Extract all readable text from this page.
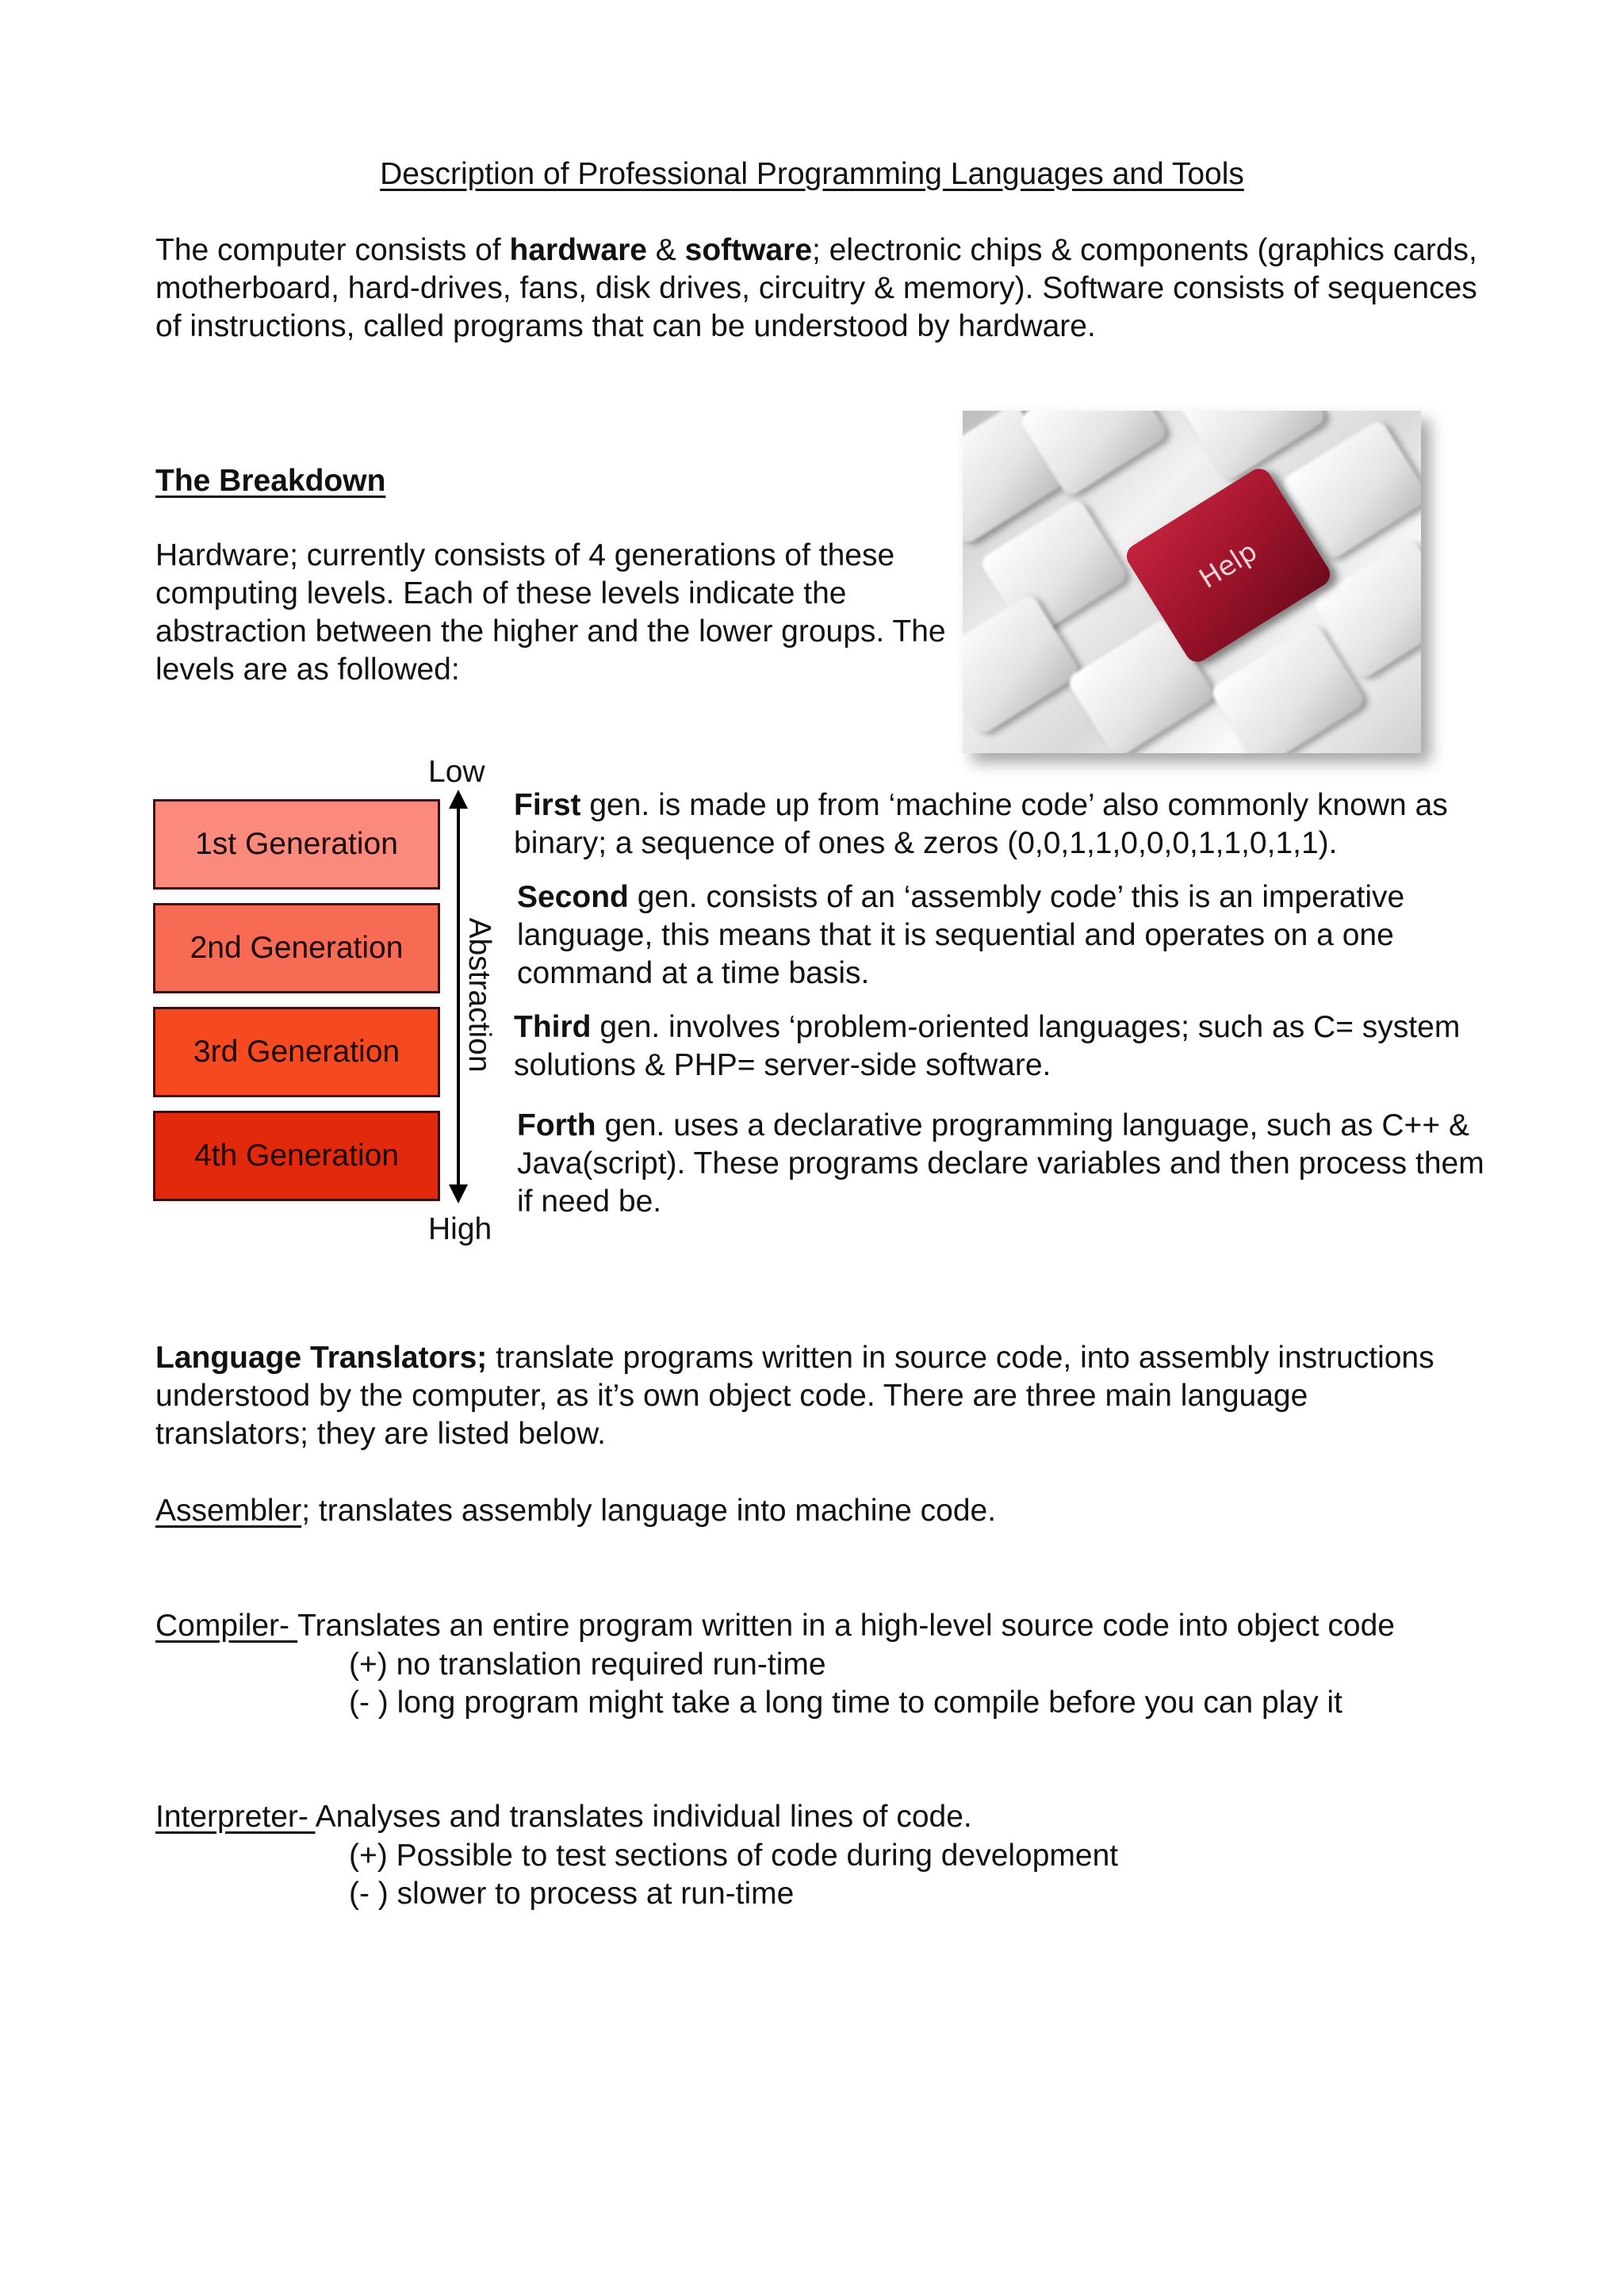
Description of Professional Programming Languages and Tools
The computer consists of hardware & software; electronic chips & components (graphics cards, motherboard, hard-drives, fans, disk drives, circuitry & memory). Software consists of sequences of instructions, called programs that can be understood by hardware.
The Breakdown
Hardware; currently consists of 4 generations of these computing levels. Each of these levels indicate the abstraction between the higher and the lower groups. The levels are as followed:
Help
1st Generation
2nd Generation
3rd Generation
4th Generation
Low
High
Abstraction
First gen. is made up from ‘machine code’ also commonly known as binary; a sequence of ones & zeros (0,0,1,1,0,0,0,1,1,0,1,1).
Second gen. consists of an ‘assembly code’ this is an imperative language, this means that it is sequential and operates on a one command at a time basis.
Third gen. involves ‘problem-oriented languages; such as C= system solutions & PHP= server-side software.
Forth gen. uses a declarative programming language, such as C++ & Java(script). These programs declare variables and then process them if need be.
Language Translators; translate programs written in source code, into assembly instructions understood by the computer, as it’s own object code. There are three main language translators; they are listed below.
Assembler; translates assembly language into machine code.
Compiler- Translates an entire program written in a high-level source code into object code
(+) no translation required run-time
(- ) long program might take a long time to compile before you can play it
Interpreter- Analyses and translates individual lines of code.
(+) Possible to test sections of code during development
(- ) slower to process at run-time
